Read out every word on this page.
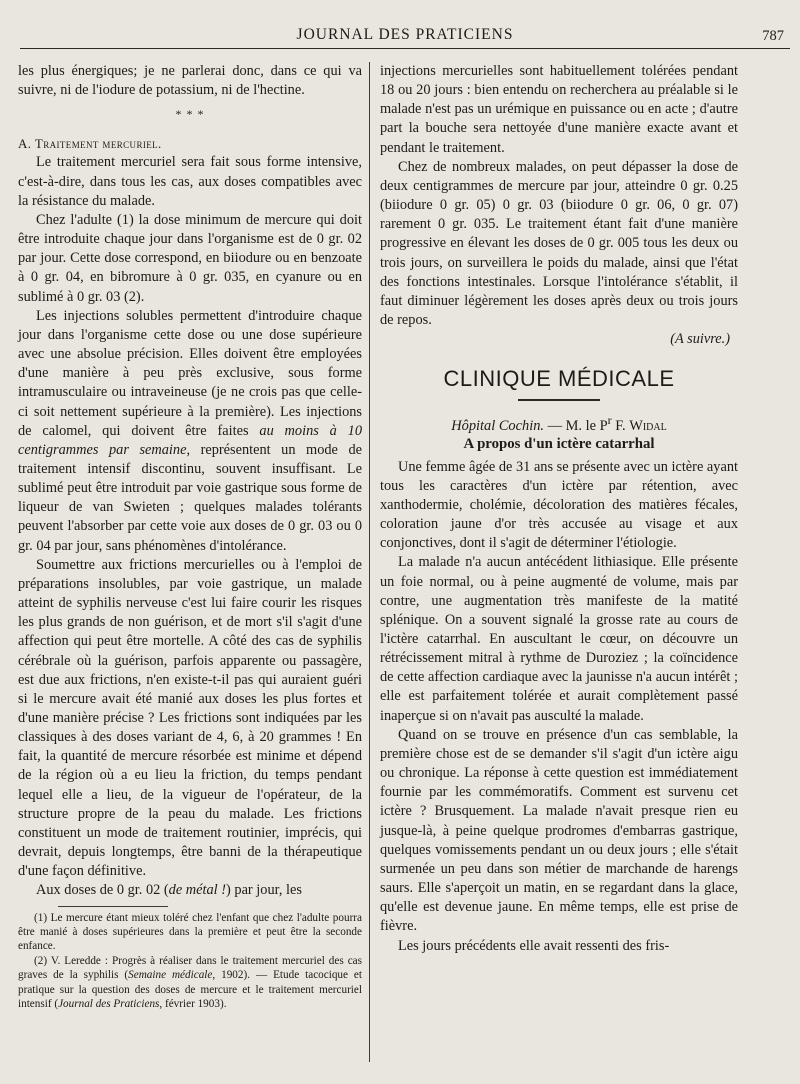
JOURNAL DES PRATICIENS	787

les plus énergiques; je ne parlerai donc, dans ce qui va suivre, ni de l'iodure de potassium, ni de l'hectine.

* * *

A. Traitement mercuriel.

Le traitement mercuriel sera fait sous forme intensive, c'est-à-dire, dans tous les cas, aux doses compatibles avec la résistance du malade.

Chez l'adulte (1) la dose minimum de mercure qui doit être introduite chaque jour dans l'organisme est de 0 gr. 02 par jour. Cette dose correspond, en biiodure ou en benzoate à 0 gr. 04, en bibromure à 0 gr. 035, en cyanure ou en sublimé à 0 gr. 03 (2).

Les injections solubles permettent d'introduire chaque jour dans l'organisme cette dose ou une dose supérieure avec une absolue précision. Elles doivent être employées d'une manière à peu près exclusive, sous forme intramusculaire ou intraveineuse (je ne crois pas que celle-ci soit nettement supérieure à la première). Les injections de calomel, qui doivent être faites au moins à 10 centigrammes par semaine, représentent un mode de traitement intensif discontinu, souvent insuffisant. Le sublimé peut être introduit par voie gastrique sous forme de liqueur de van Swieten ; quelques malades tolérants peuvent l'absorber par cette voie aux doses de 0 gr. 03 ou 0 gr. 04 par jour, sans phénomènes d'intolérance.

Soumettre aux frictions mercurielles ou à l'emploi de préparations insolubles, par voie gastrique, un malade atteint de syphilis nerveuse c'est lui faire courir les risques les plus grands de non guérison, et de mort s'il s'agit d'une affection qui peut être mortelle. A côté des cas de syphilis cérébrale où la guérison, parfois apparente ou passagère, est due aux frictions, n'en existe-t-il pas qui auraient guéri si le mercure avait été manié aux doses les plus fortes et d'une manière précise ? Les frictions sont indiquées par les classiques à des doses variant de 4, 6, à 20 grammes ! En fait, la quantité de mercure résorbée est minime et dépend de la région où a eu lieu la friction, du temps pendant lequel elle a lieu, de la vigueur de l'opérateur, de la structure propre de la peau du malade. Les frictions constituent un mode de traitement routinier, imprécis, qui devrait, depuis longtemps, être banni de la thérapeutique d'une façon définitive.

Aux doses de 0 gr. 02 (de métal !) par jour, les

(1) Le mercure étant mieux toléré chez l'enfant que chez l'adulte pourra être manié à doses supérieures dans la première et peut être la seconde enfance.

(2) V. Lereddе : Progrès à réaliser dans le traitement mercuriel des cas graves de la syphilis (Semaine médicale, 1902). — Etude tacocique et pratique sur la question des doses de mercure et le traitement mercuriel intensif (Journal des Praticiens, février 1903).

injections mercurielles sont habituellement tolérées pendant 18 ou 20 jours : bien entendu on recherchera au préalable si le malade n'est pas un urémique en puissance ou en acte ; d'autre part la bouche sera nettoyée d'une manière exacte avant et pendant le traitement.

Chez de nombreux malades, on peut dépasser la dose de deux centigrammes de mercure par jour, atteindre 0 gr. 0.25 (biiodure 0 gr. 05) 0 gr. 03 (biiodure 0 gr. 06, 0 gr. 07) rarement 0 gr. 035. Le traitement étant fait d'une manière progressive en élevant les doses de 0 gr. 005 tous les deux ou trois jours, on surveillera le poids du malade, ainsi que l'état des fonctions intestinales. Lorsque l'intolérance s'établit, il faut diminuer légèrement les doses après deux ou trois jours de repos.

(A suivre.)

CLINIQUE MÉDICALE

Hôpital Cochin. — M. le $P^r$ F. Widal

A propos d'un ictère catarrhal

Une femme âgée de 31 ans se présente avec un ictère ayant tous les caractères d'un ictère par rétention, avec xanthodermie, cholémie, décoloration des matières fécales, coloration jaune d'or très accusée au visage et aux conjonctives, dont il s'agit de déterminer l'étiologie.

La malade n'a aucun antécédent lithiasique. Elle présente un foie normal, ou à peine augmenté de volume, mais par contre, une augmentation très manifeste de la matité splénique. On a souvent signalé la grosse rate au cours de l'ictère catarrhal. En auscultant le cœur, on découvre un rétrécissement mitral à rythme de Duroziez ; la coïncidence de cette affection cardiaque avec la jaunisse n'a aucun intérêt ; elle est parfaitement tolérée et aurait complètement passé inaperçue si on n'avait pas ausculté la malade.

Quand on se trouve en présence d'un cas semblable, la première chose est de se demander s'il s'agit d'un ictère aigu ou chronique. La réponse à cette question est immédiatement fournie par les commémoratifs. Comment est survenu cet ictère ? Brusquement. La malade n'avait presque rien eu jusque-là, à peine quelque prodromes d'embarras gastrique, quelques vomissements pendant un ou deux jours ; elle s'était surmenée un peu dans son métier de marchande de harengs saurs. Elle s'aperçoit un matin, en se regardant dans la glace, qu'elle est devenue jaune. En même temps, elle est prise de fièvre.

Les jours précédents elle avait ressenti des fris-
